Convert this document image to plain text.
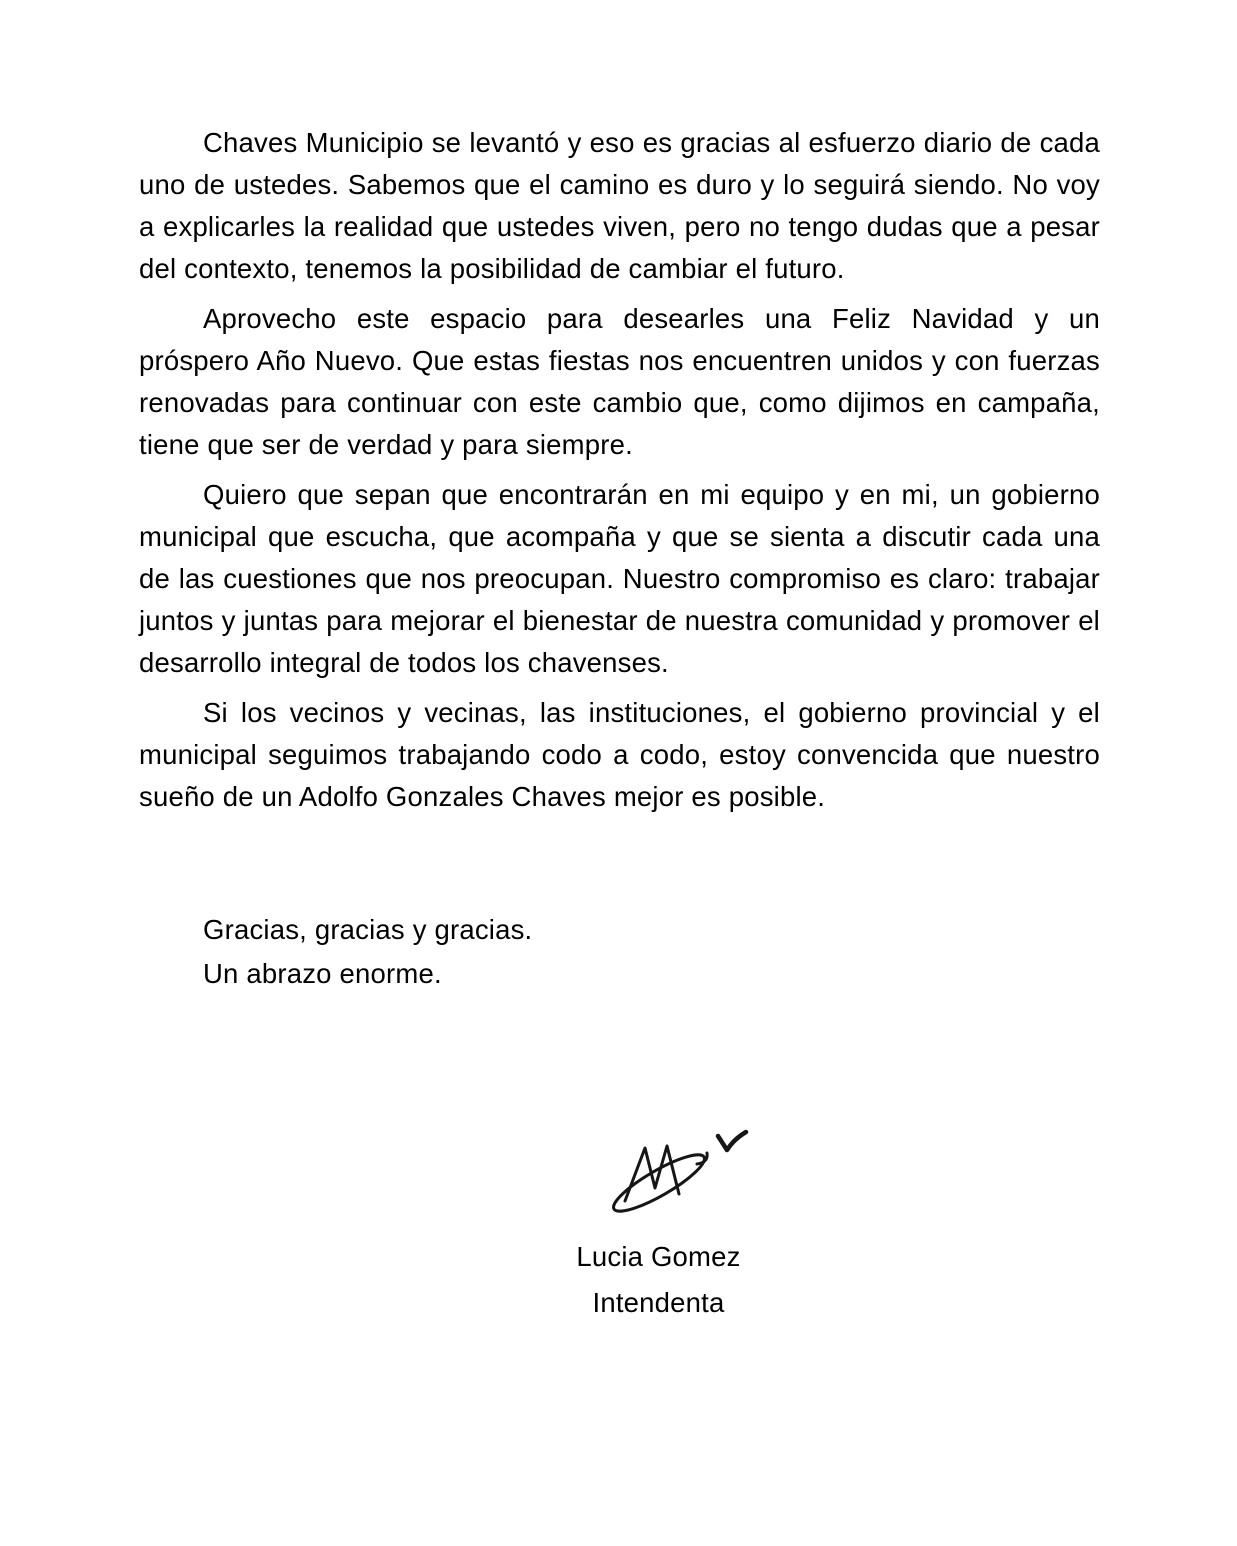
Chaves Municipio se levantó y eso es gracias al esfuerzo diario de cada uno de ustedes. Sabemos que el camino es duro y lo seguirá siendo. No voy a explicarles la realidad que ustedes viven, pero no tengo dudas que a pesar del contexto, tenemos la posibilidad de cambiar el futuro.

Aprovecho este espacio para desearles una Feliz Navidad y un próspero Año Nuevo. Que estas fiestas nos encuentren unidos y con fuerzas renovadas para continuar con este cambio que, como dijimos en campaña, tiene que ser de verdad y para siempre.

Quiero que sepan que encontrarán en mi equipo y en mi, un gobierno municipal que escucha, que acompaña y que se sienta a discutir cada una de las cuestiones que nos preocupan. Nuestro compromiso es claro: trabajar juntos y juntas para mejorar el bienestar de nuestra comunidad y promover el desarrollo integral de todos los chavenses.

Si los vecinos y vecinas, las instituciones, el gobierno provincial y el municipal seguimos trabajando codo a codo, estoy convencida que nuestro sueño de un Adolfo Gonzales Chaves mejor es posible.

Gracias, gracias y gracias.

Un abrazo enorme.

Lucia Gomez
Intendenta
